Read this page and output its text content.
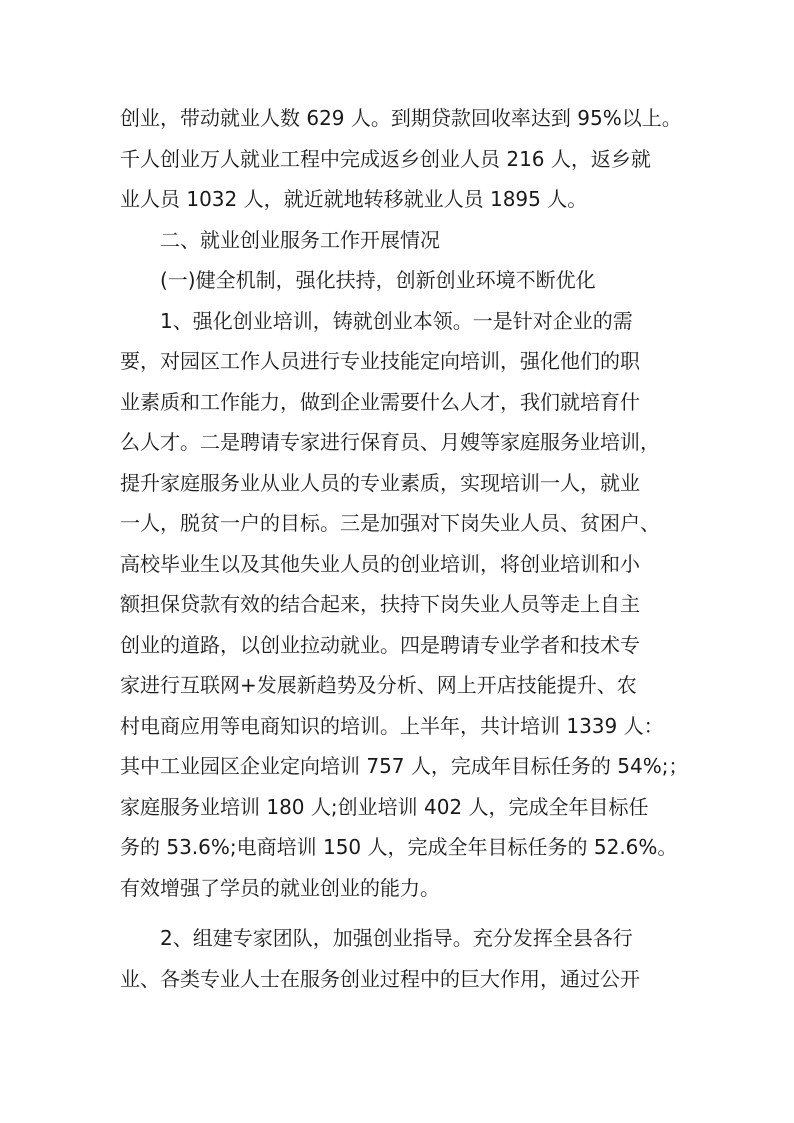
创业，带动就业人数 629 人。到期贷款回收率达到 95%以上。
千人创业万人就业工程中完成返乡创业人员 216 人，返乡就
业人员 1032 人，就近就地转移就业人员 1895 人。
二、就业创业服务工作开展情况
(一)健全机制，强化扶持，创新创业环境不断优化
1、强化创业培训，铸就创业本领。一是针对企业的需
要，对园区工作人员进行专业技能定向培训，强化他们的职
业素质和工作能力，做到企业需要什么人才，我们就培育什
么人才。二是聘请专家进行保育员、月嫂等家庭服务业培训，
提升家庭服务业从业人员的专业素质，实现培训一人，就业
一人，脱贫一户的目标。三是加强对下岗失业人员、贫困户、
高校毕业生以及其他失业人员的创业培训，将创业培训和小
额担保贷款有效的结合起来，扶持下岗失业人员等走上自主
创业的道路，以创业拉动就业。四是聘请专业学者和技术专
家进行互联网+发展新趋势及分析、网上开店技能提升、农
村电商应用等电商知识的培训。上半年，共计培训 1339 人：
其中工业园区企业定向培训 757 人，完成年目标任务的 54%;；
家庭服务业培训 180 人;创业培训 402 人，完成全年目标任
务的 53.6%;电商培训 150 人，完成全年目标任务的 52.6%。
有效增强了学员的就业创业的能力。
2、组建专家团队，加强创业指导。充分发挥全县各行
业、各类专业人士在服务创业过程中的巨大作用，通过公开
